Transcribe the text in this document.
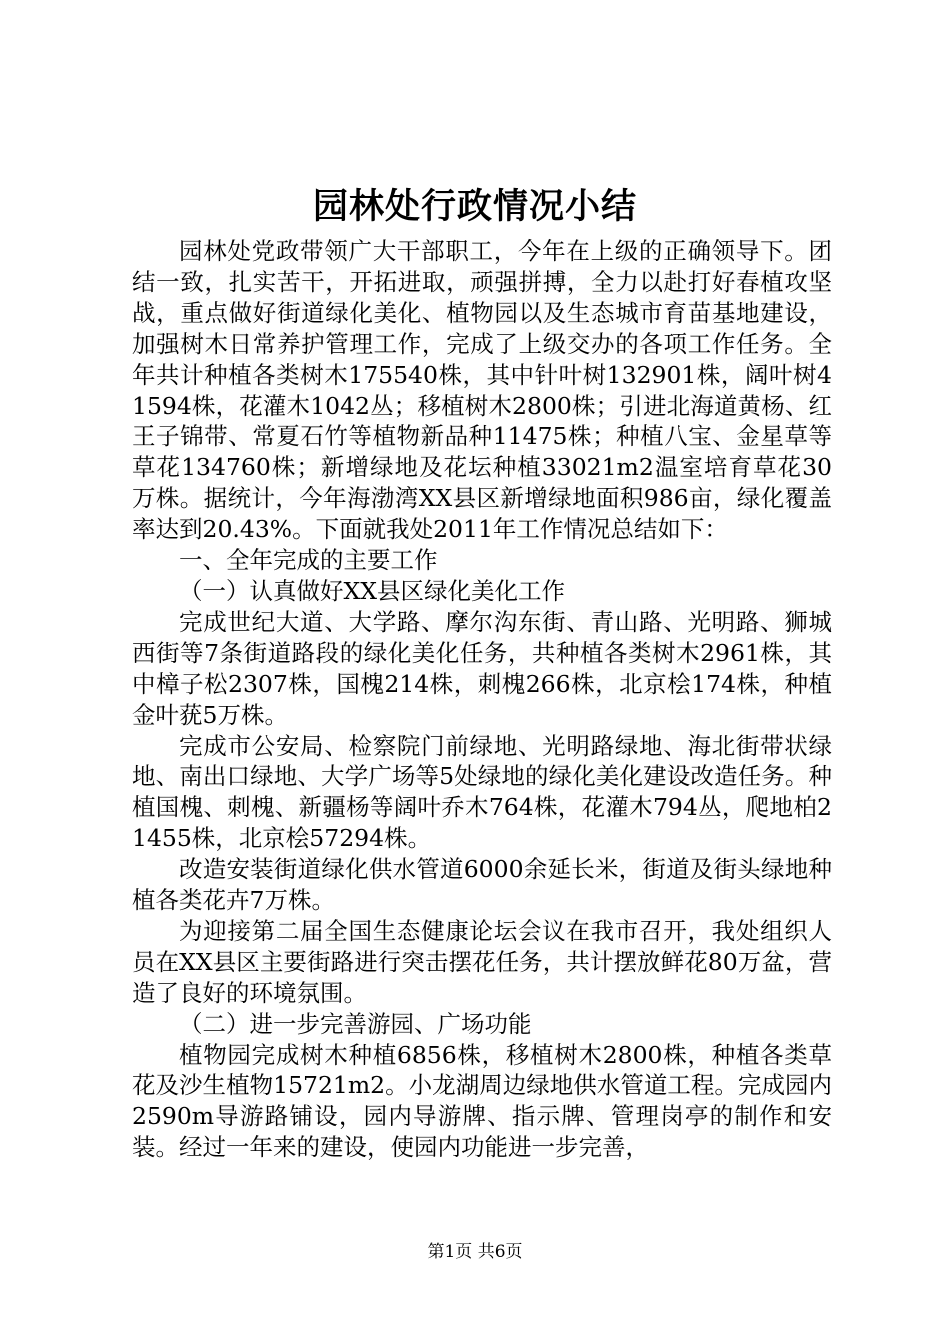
园林处行政情况小结

园林处党政带领广大干部职工，今年在上级的正确领导下。团结一致，扎实苦干，开拓进取，顽强拼搏，全力以赴打好春植攻坚战，重点做好街道绿化美化、植物园以及生态城市育苗基地建设，加强树木日常养护管理工作，完成了上级交办的各项工作任务。全年共计种植各类树木175540株，其中针叶树132901株，阔叶树41594株，花灌木1042丛；移植树木2800株；引进北海道黄杨、红王子锦带、常夏石竹等植物新品种11475株；种植八宝、金星草等草花134760株；新增绿地及花坛种植33021m2温室培育草花30万株。据统计，今年海渤湾XX县区新增绿地面积986亩，绿化覆盖率达到20.43%。下面就我处2011年工作情况总结如下：

一、全年完成的主要工作

（一）认真做好XX县区绿化美化工作

完成世纪大道、大学路、摩尔沟东街、青山路、光明路、狮城西街等7条街道路段的绿化美化任务，共种植各类树木2961株，其中樟子松2307株，国槐214株，刺槐266株，北京桧174株，种植金叶莸5万株。

完成市公安局、检察院门前绿地、光明路绿地、海北街带状绿地、南出口绿地、大学广场等5处绿地的绿化美化建设改造任务。种植国槐、刺槐、新疆杨等阔叶乔木764株，花灌木794丛，爬地柏21455株，北京桧57294株。

改造安装街道绿化供水管道6000余延长米，街道及街头绿地种植各类花卉7万株。

为迎接第二届全国生态健康论坛会议在我市召开，我处组织人员在XX县区主要街路进行突击摆花任务，共计摆放鲜花80万盆，营造了良好的环境氛围。

（二）进一步完善游园、广场功能

植物园完成树木种植6856株，移植树木2800株，种植各类草花及沙生植物15721m2。小龙湖周边绿地供水管道工程。完成园内2590m导游路铺设，园内导游牌、指示牌、管理岗亭的制作和安装。经过一年来的建设，使园内功能进一步完善，

第1页 共6页
